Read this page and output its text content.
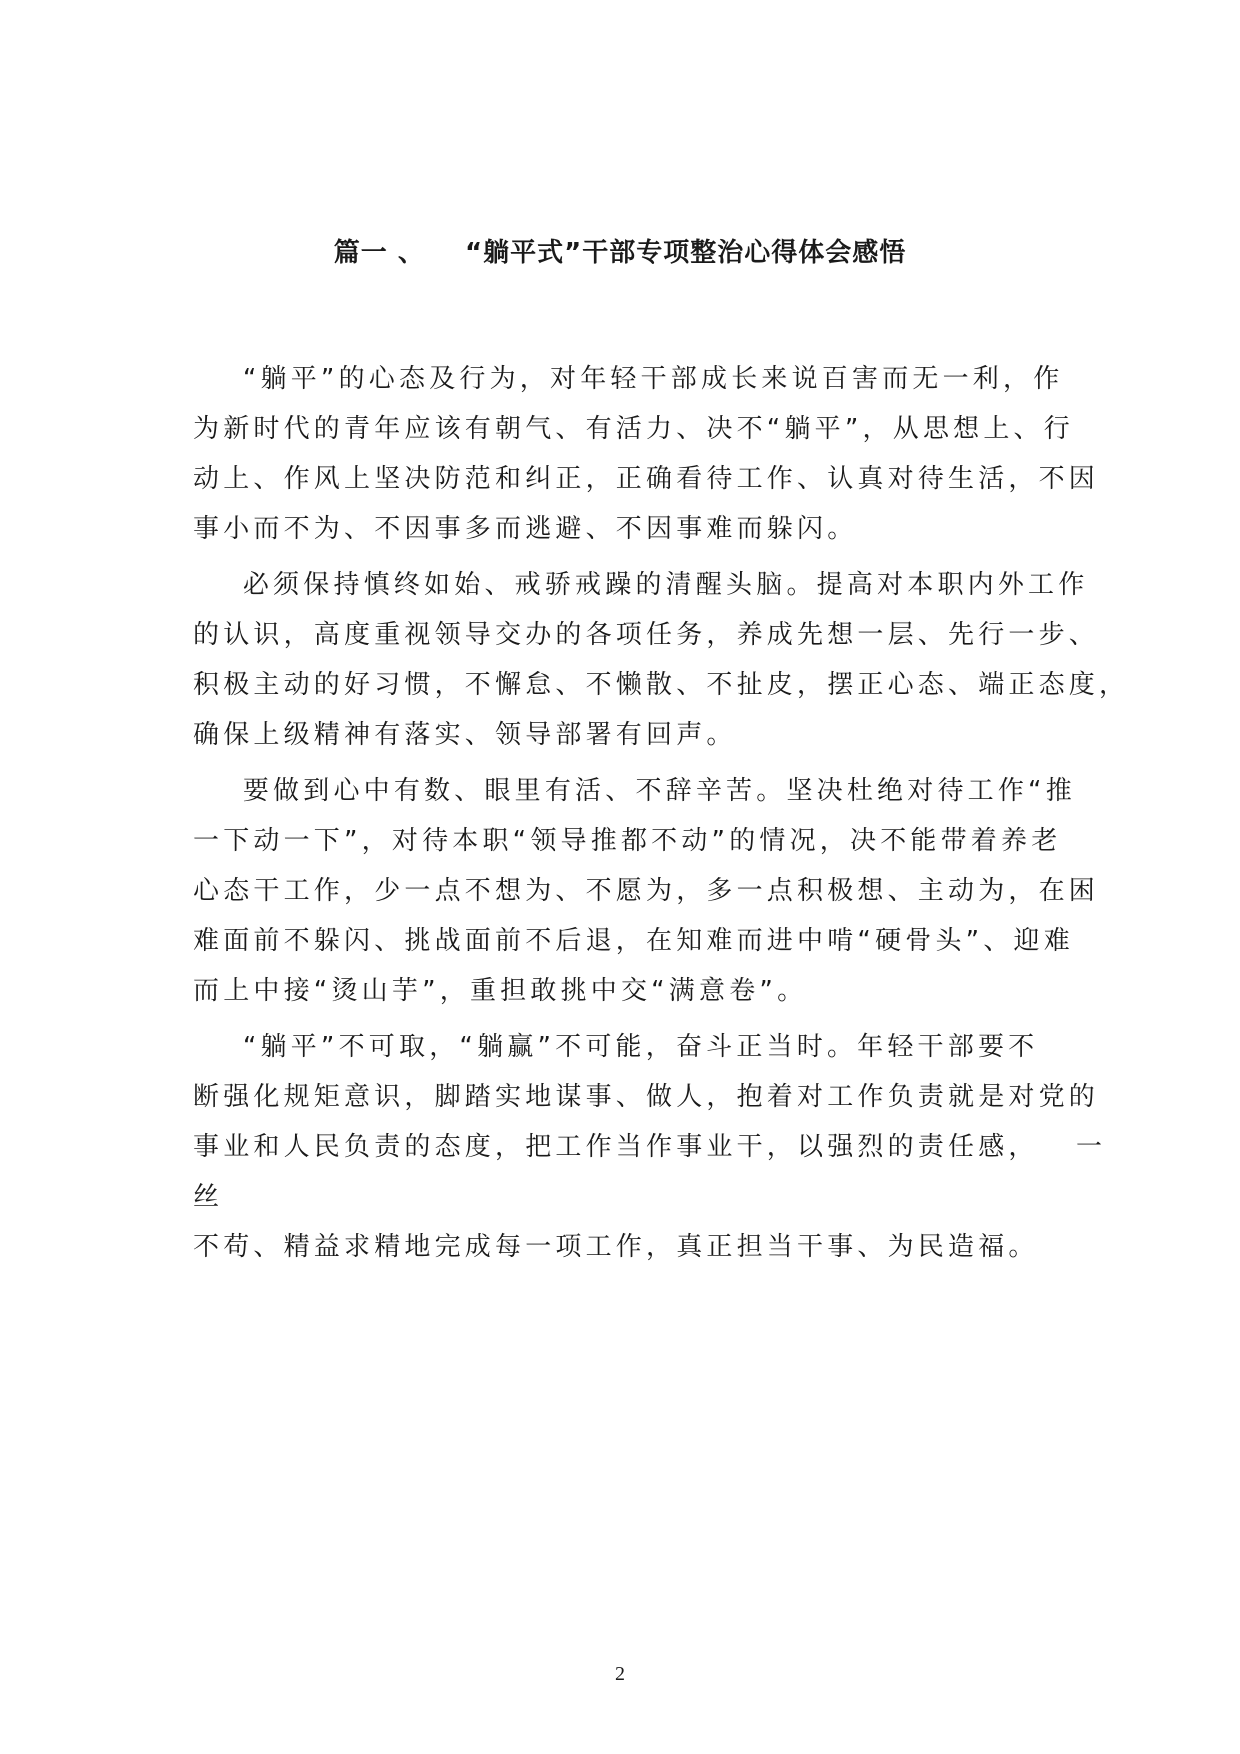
篇一 、    “躺平式”干部专项整治心得体会感悟
“躺平”的心态及行为，对年轻干部成长来说百害而无一利，作
为新时代的青年应该有朝气、有活力、决不“躺平”，从思想上、行
动上、作风上坚决防范和纠正，正确看待工作、认真对待生活，不因
事小而不为、不因事多而逃避、不因事难而躲闪。
必须保持慎终如始、戒骄戒躁的清醒头脑。提高对本职内外工作
的认识，高度重视领导交办的各项任务，养成先想一层、先行一步、
积极主动的好习惯，不懈怠、不懒散、不扯皮，摆正心态、端正态度，
确保上级精神有落实、领导部署有回声。
要做到心中有数、眼里有活、不辞辛苦。坚决杜绝对待工作“推
一下动一下”，对待本职“领导推都不动”的情况，决不能带着养老
心态干工作，少一点不想为、不愿为，多一点积极想、主动为，在困
难面前不躲闪、挑战面前不后退，在知难而进中啃“硬骨头”、迎难
而上中接“烫山芋”，重担敢挑中交“满意卷”。
“躺平”不可取，“躺赢”不可能，奋斗正当时。年轻干部要不
断强化规矩意识，脚踏实地谋事、做人，抱着对工作负责就是对党的
事业和人民负责的态度，把工作当作事业干，以强烈的责任感，   一
丝
不苟、精益求精地完成每一项工作，真正担当干事、为民造福。
2
